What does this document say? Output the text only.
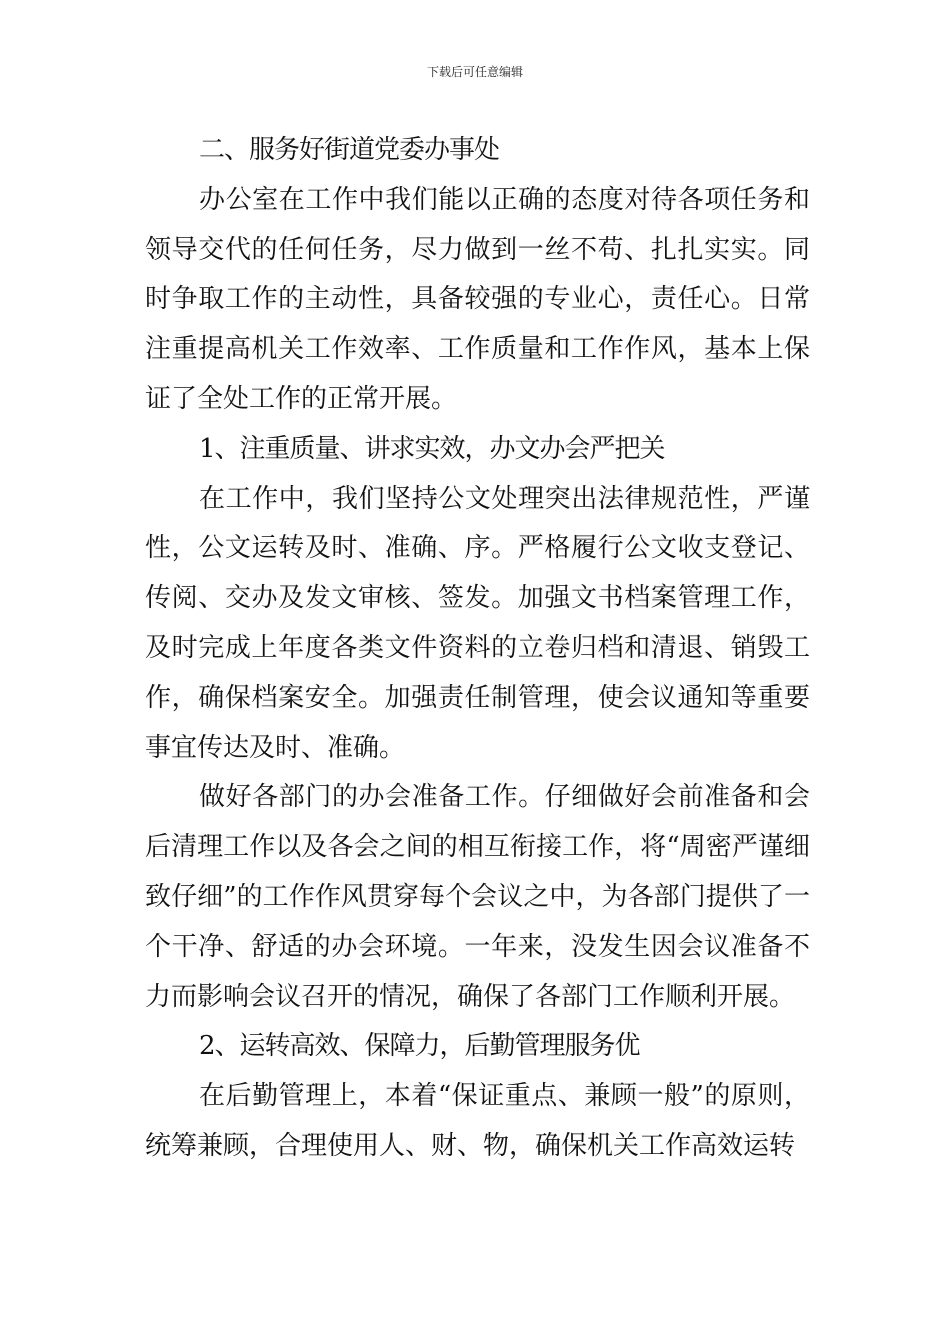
下载后可任意编辑

二、服务好街道党委办事处

办公室在工作中我们能以正确的态度对待各项任务和领导交代的任何任务，尽力做到一丝不苟、扎扎实实。同时争取工作的主动性，具备较强的专业心，责任心。日常注重提高机关工作效率、工作质量和工作作风，基本上保证了全处工作的正常开展。

1、注重质量、讲求实效，办文办会严把关

在工作中，我们坚持公文处理突出法律规范性，严谨性，公文运转及时、准确、序。严格履行公文收支登记、传阅、交办及发文审核、签发。加强文书档案管理工作，及时完成上年度各类文件资料的立卷归档和清退、销毁工作，确保档案安全。加强责任制管理，使会议通知等重要事宜传达及时、准确。

做好各部门的办会准备工作。仔细做好会前准备和会后清理工作以及各会之间的相互衔接工作，将“周密严谨细致仔细”的工作作风贯穿每个会议之中，为各部门提供了一个干净、舒适的办会环境。一年来，没发生因会议准备不力而影响会议召开的情况，确保了各部门工作顺利开展。

2、运转高效、保障力，后勤管理服务优

在后勤管理上，本着“保证重点、兼顾一般”的原则，统筹兼顾，合理使用人、财、物，确保机关工作高效运转
